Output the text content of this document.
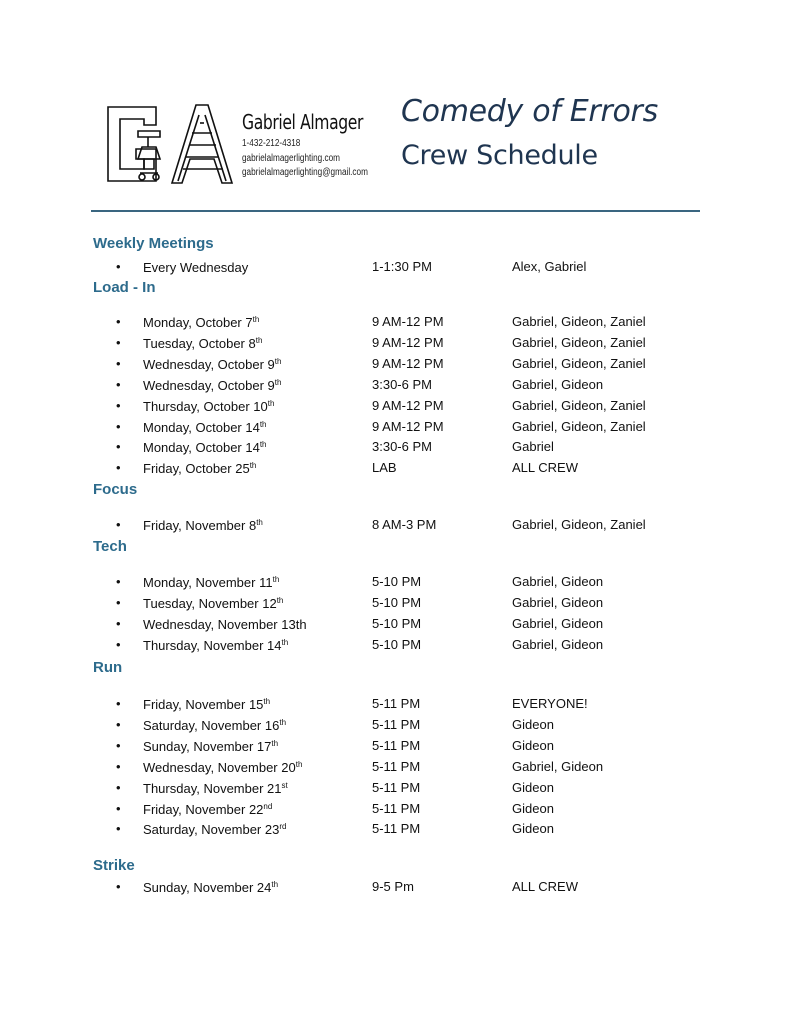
Gabriel Almager
1-432-212-4318
gabrielalmagerlighting.com
gabrielalmagerlighting@gmail.com
Comedy of Errors
Crew Schedule
Weekly Meetings
• Every Wednesday	1-1:30 PM	Alex, Gabriel
Load - In
• Monday, October 7th	9 AM-12 PM	Gabriel, Gideon, Zaniel
• Tuesday, October 8th	9 AM-12 PM	Gabriel, Gideon, Zaniel
• Wednesday, October 9th	9 AM-12 PM	Gabriel, Gideon, Zaniel
• Wednesday, October 9th	3:30-6 PM	Gabriel, Gideon
• Thursday, October 10th	9 AM-12 PM	Gabriel, Gideon, Zaniel
• Monday, October 14th	9 AM-12 PM	Gabriel, Gideon, Zaniel
• Monday, October 14th	3:30-6 PM	Gabriel
• Friday, October 25th	LAB	ALL CREW
Focus
• Friday, November 8th	8 AM-3 PM	Gabriel, Gideon, Zaniel
Tech
• Monday, November 11th	5-10 PM	Gabriel, Gideon
• Tuesday, November 12th	5-10 PM	Gabriel, Gideon
• Wednesday, November 13th	5-10 PM	Gabriel, Gideon
• Thursday, November 14th	5-10 PM	Gabriel, Gideon
Run
• Friday, November 15th	5-11 PM	EVERYONE!
• Saturday, November 16th	5-11 PM	Gideon
• Sunday, November 17th	5-11 PM	Gideon
• Wednesday, November 20th	5-11 PM	Gabriel, Gideon
• Thursday, November 21st	5-11 PM	Gideon
• Friday, November 22nd	5-11 PM	Gideon
• Saturday, November 23rd	5-11 PM	Gideon
Strike
• Sunday, November 24th	9-5 Pm	ALL CREW
